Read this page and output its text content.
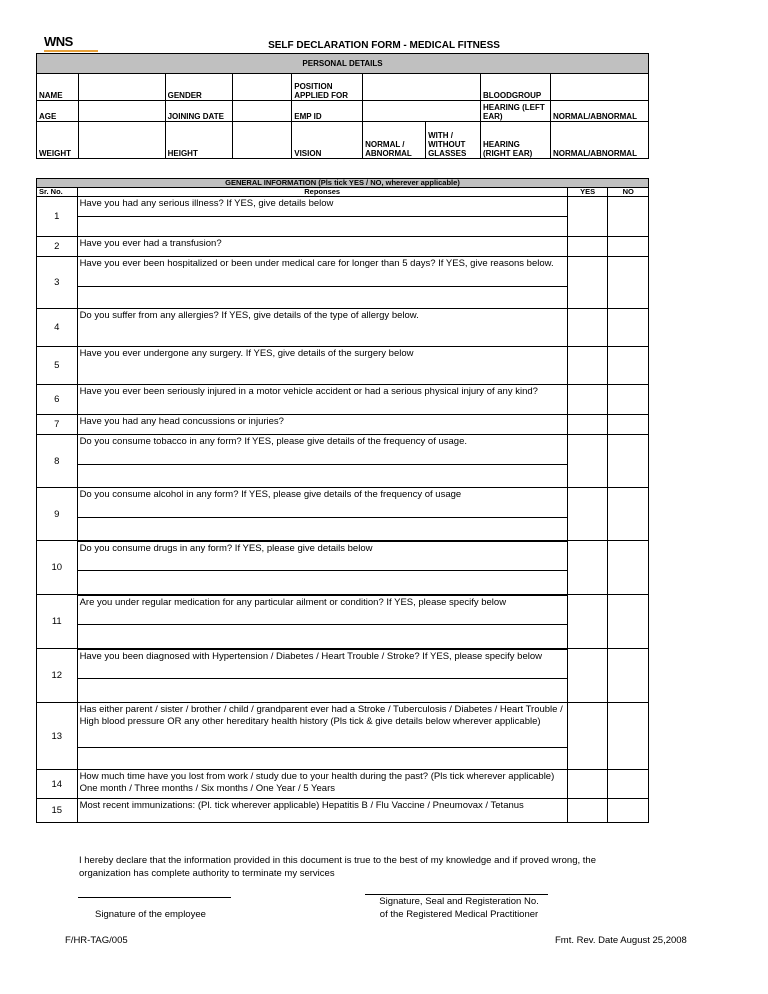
WNS	SELF DECLARATION FORM - MEDICAL FITNESS
PERSONAL DETAILS								
NAME		GENDER		POSITION APPLIED FOR			BLOODGROUP	
AGE		JOINING DATE		EMP ID			HEARING (LEFT EAR)	NORMAL/ABNORMAL
WEIGHT		HEIGHT		VISION	NORMAL / ABNORMAL	WITH / WITHOUT GLASSES	HEARING (RIGHT EAR)	NORMAL/ABNORMAL
GENERAL INFORMATION (Pls tick YES / NO, wherever applicable)			
Sr. No.	Reponses	YES	NO
1	Have you had any serious illness? If YES, give details below		

2	Have you ever had a transfusion?		
3	Have you ever been hospitalized or been under medical care for longer than 5 days? If YES, give reasons below.		

4	Do you suffer from any allergies? If YES, give details of the type of allergy below.		
5	Have you ever undergone any surgery. If YES, give details of the surgery below		
6	Have you ever been seriously injured in a motor vehicle accident or had a serious physical injury of any kind?		
7	Have you had any head concussions or injuries?		
8	Do you consume tobacco in any form? If YES, please give details of the frequency of usage.		

9	Do you consume alcohol in any form? If YES, please give details of the frequency of usage		

10	Do you consume drugs in any form? If YES, please give details below		

11	Are you under regular medication for any particular ailment or condition? If YES, please specify below		

12	Have you been diagnosed with Hypertension / Diabetes / Heart Trouble / Stroke? If YES, please specify below		

13	Has either parent / sister / brother / child / grandparent ever had a Stroke / Tuberculosis / Diabetes / Heart Trouble / High blood pressure OR any other hereditary health history (Pls tick & give details below wherever applicable)		

14	How much time have you lost from work / study due to your health during the past? (Pls tick wherever applicable) One month / Three months / Six months / One Year / 5 Years		
15	Most recent immunizations: (Pl. tick wherever applicable) Hepatitis B / Flu Vaccine / Pneumovax / Tetanus		
I hereby declare that the information provided in this document is true to the best of my knowledge and if proved wrong, the organization has complete authority to terminate my services
Signature of the employee
Signature, Seal and Registeration No.
of the Registered Medical Practitioner
F/HR-TAG/005	Fmt. Rev. Date August 25,2008
